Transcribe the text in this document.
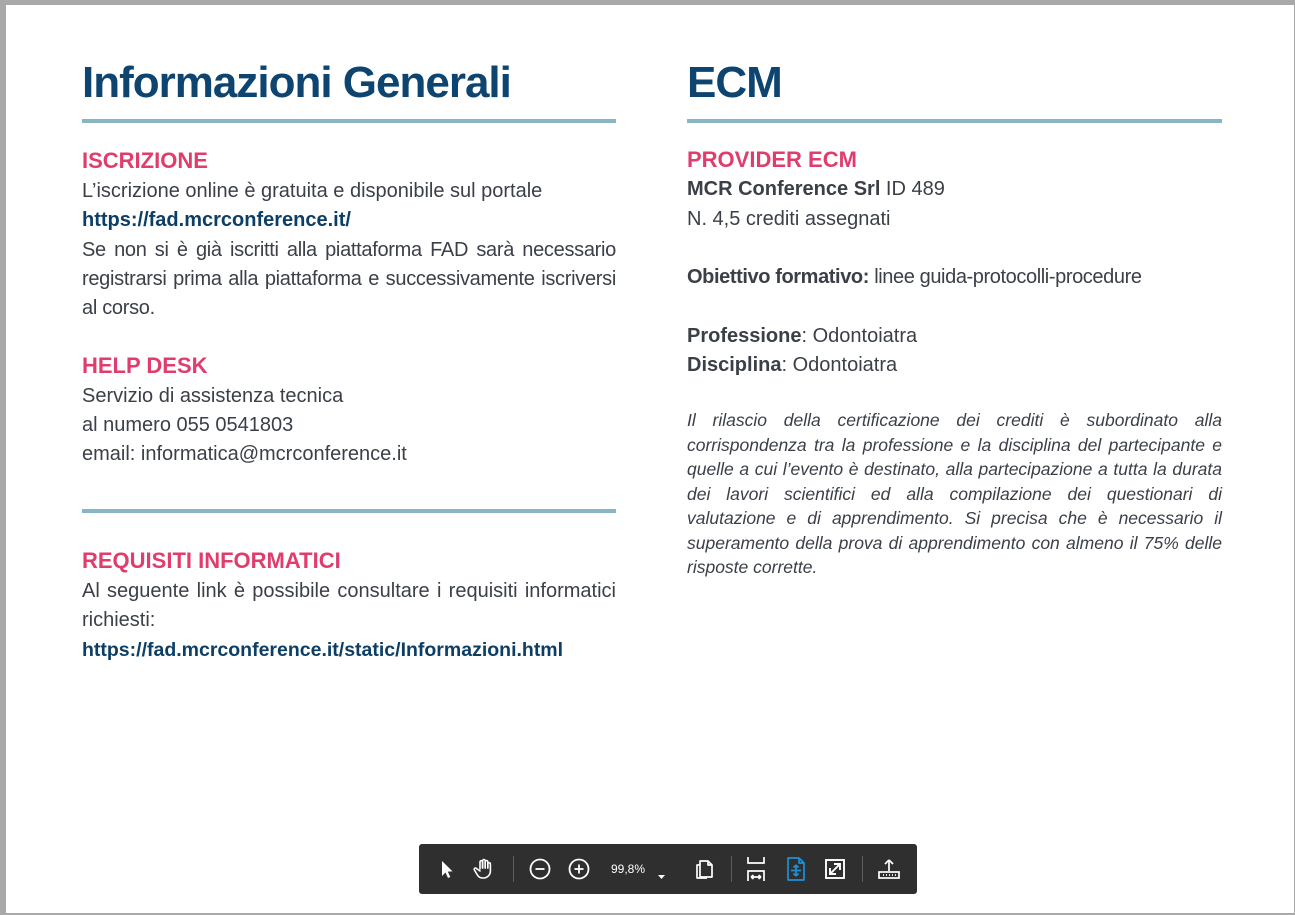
Informazioni Generali
ISCRIZIONE
L’iscrizione online è gratuita e disponibile sul portale
https://fad.mcrconference.it/
Se non si è già iscritti alla piattaforma FAD sarà necessario registrarsi prima alla piattaforma e successivamente iscriversi al corso.
HELP DESK
Servizio di assistenza tecnica
al numero 055 0541803
email: informatica@mcrconference.it
REQUISITI INFORMATICI
Al seguente link è possibile consultare i requisiti informatici richiesti:
https://fad.mcrconference.it/static/Informazioni.html
ECM
PROVIDER ECM
MCR Conference Srl ID 489
N. 4,5 crediti assegnati
Obiettivo formativo: linee guida-protocolli-procedure
Professione: Odontoiatra
Disciplina: Odontoiatra
Il rilascio della certificazione dei crediti è subordinato alla corrispondenza tra la professione e la disciplina del partecipante e quelle a cui l’evento è destinato, alla partecipazione a tutta la durata dei lavori scientifici ed alla compilazione dei questionari di valutazione e di apprendimento. Si precisa che è necessario il superamento della prova di apprendimento con almeno il 75% delle risposte corrette.
99,8%
